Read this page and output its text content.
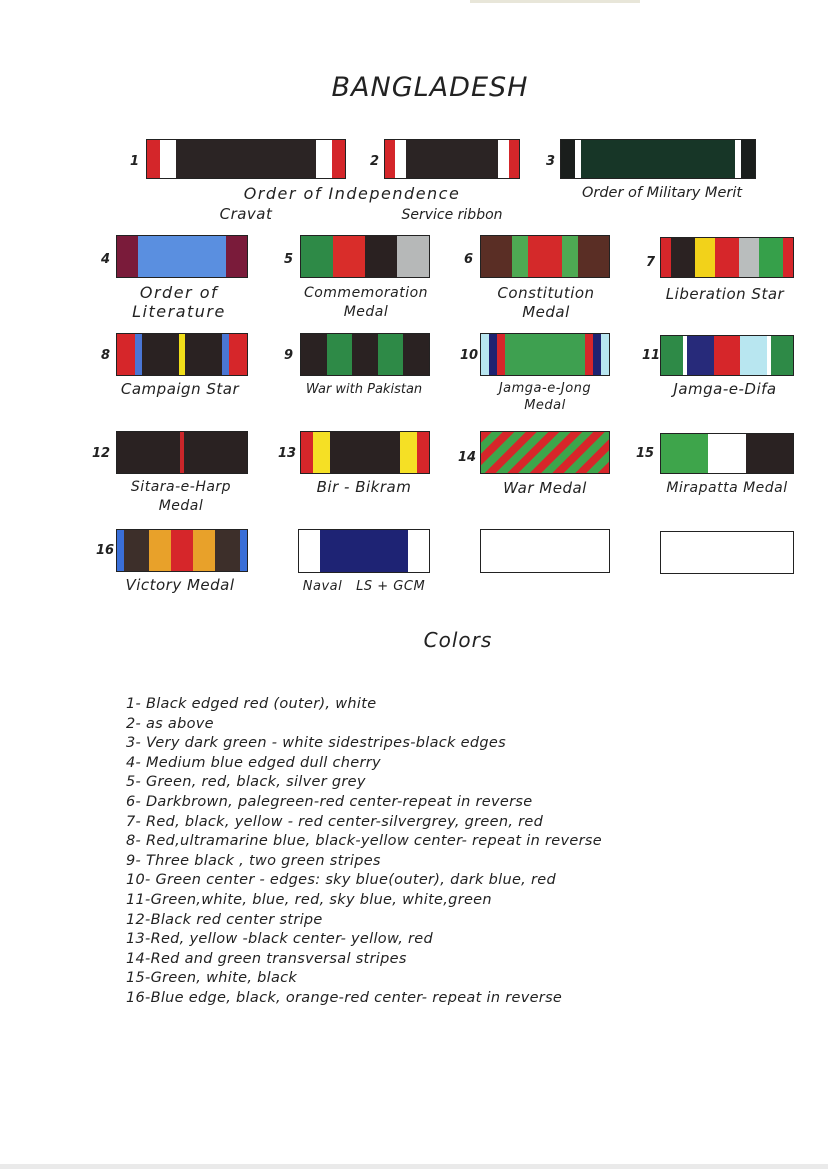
BANGLADESH
1	2	3
4	5	6	7
8	9	10	11
12	13	14	15
16
Order of Independence
Cravat	Service ribbon
Order of Military Merit
Order of
Literature
Commemoration
Medal
Constitution
Medal
Liberation Star
Campaign Star	War with Pakistan	Jamga-e-Jong
Medal
Jamga-e-Difa
Sitara-e-Harp
Medal
Bir - Bikram	War Medal	Mirapatta Medal
Victory Medal	Naval   LS + GCM
Colors
1- Black edged red (outer), white
2- as above
3- Very dark green - white sidestripes-black edges
4- Medium blue edged dull cherry
5- Green, red, black, silver grey
6- Darkbrown, palegreen-red center-repeat in reverse
7- Red, black, yellow - red center-silvergrey, green, red
8- Red,ultramarine blue, black-yellow center- repeat in reverse
9- Three black , two green stripes
10- Green center - edges: sky blue(outer), dark blue, red
11-Green,white, blue, red, sky blue, white,green
12-Black red center stripe
13-Red, yellow -black center- yellow, red
14-Red and green transversal stripes
15-Green, white, black
16-Blue edge, black, orange-red center- repeat in reverse
